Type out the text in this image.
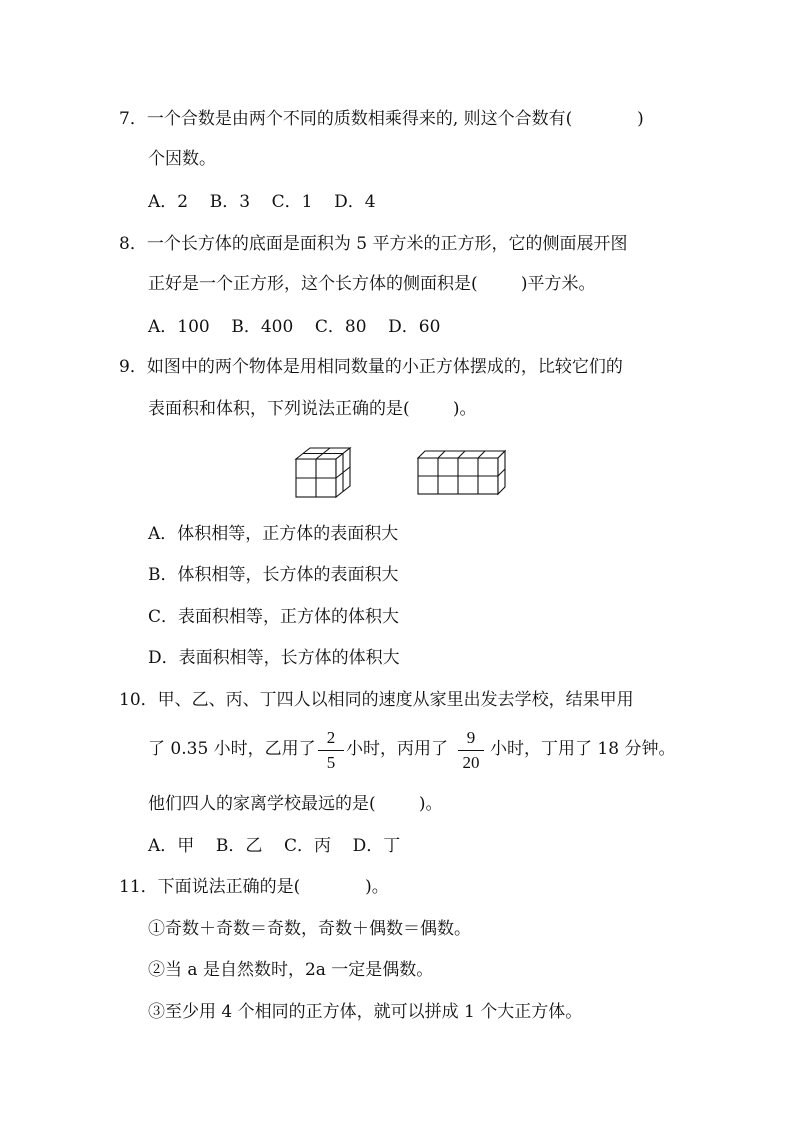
7．一个合数是由两个不同的质数相乘得来的, 则这个合数有(            )
个因数。
A．2    B．3    C．1    D．4
8．一个长方体的底面是面积为 5 平方米的正方形，它的侧面展开图
正好是一个正方形，这个长方体的侧面积是(        )平方米。
A．100    B．400    C．80    D．60
9．如图中的两个物体是用相同数量的小正方体摆成的，比较它们的
表面积和体积，下列说法正确的是(        )。
A．体积相等，正方体的表面积大
B．体积相等，长方体的表面积大
C．表面积相等，正方体的体积大
D．表面积相等，长方体的体积大
10．甲、乙、丙、丁四人以相同的速度从家里出发去学校，结果甲用
了 0.35 小时，乙用了
2
5
小时，丙用了
9
20
小时，丁用了 18 分钟。
他们四人的家离学校最远的是(        )。
A．甲    B．乙    C．丙    D．丁
11．下面说法正确的是(            )。
①奇数＋奇数＝奇数，奇数＋偶数＝偶数。
②当 a 是自然数时，2a 一定是偶数。
③至少用 4 个相同的正方体，就可以拼成 1 个大正方体。
